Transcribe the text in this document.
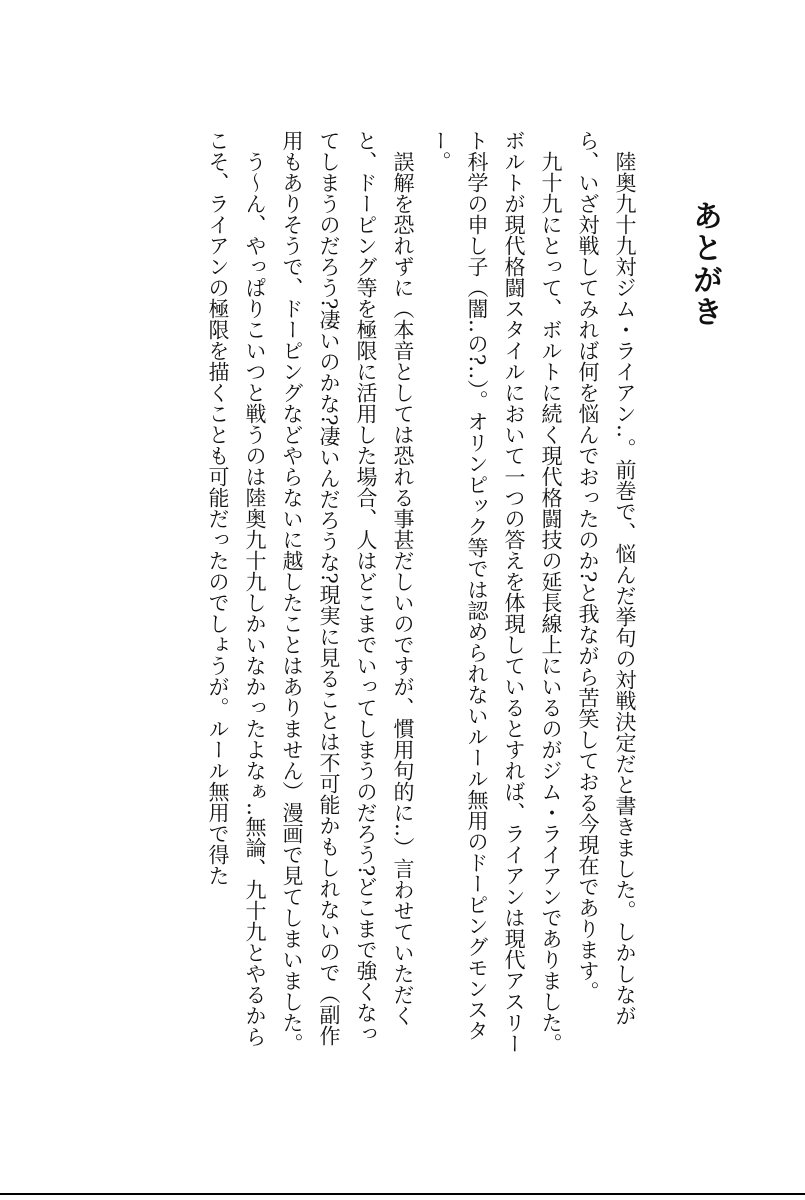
あとがき

陸奥九十九対ジム・ライアン‥。前巻で、悩んだ挙句の対戦決定だと書きました。しかしながら、いざ対戦してみれば何を悩んでおったのか?と我ながら苦笑しておる今現在であります。

九十九にとって、ボルトに続く現代格闘技の延長線上にいるのがジム・ライアンでありました。ボルトが現代格闘スタイルにおいて一つの答えを体現しているとすれば、ライアンは現代アスリート科学の申し子（闇‥の?‥）。オリンピック等では認められないルール無用のドーピングモンスター。

誤解を恐れずに（本音としては恐れる事甚だしいのですが、慣用句的に‥）言わせていただくと、ドーピング等を極限に活用した場合、人はどこまでいってしまうのだろう?どこまで強くなってしまうのだろう?凄いのかな?凄いんだろうな?現実に見ることは不可能かもしれないので（副作用もありそうで、ドーピングなどやらないに越したことはありません）漫画で見てしまいました。

う〜ん、やっぱりこいつと戦うのは陸奥九十九しかいなかったよなぁ‥無論、九十九とやるからこそ、ライアンの極限を描くことも可能だったのでしょうが。ルール無用で得た
